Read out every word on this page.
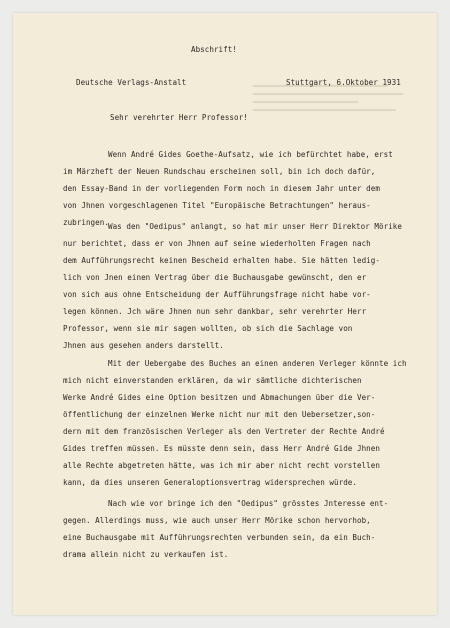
Abschrift!
Deutsche Verlags-Anstalt	Stuttgart, 6.Oktober 1931
Sehr verehrter Herr Professor!
Wenn André Gides Goethe-Aufsatz, wie ich befürchtet habe, erst
im Märzheft der Neuen Rundschau erscheinen soll, bin ich doch dafür,
den Essay-Band in der vorliegenden Form noch in diesem Jahr unter dem
von Jhnen vorgeschlagenen Titel "Europäische Betrachtungen" heraus-
zubringen. Was den "Oedipus" anlangt, so hat mir unser Herr Direktor Mörike
nur berichtet, dass er von Jhnen auf seine wiederholten Fragen nach
dem Aufführungsrecht keinen Bescheid erhalten habe. Sie hätten ledig-
lich von Jnen einen Vertrag über die Buchausgabe gewünscht, den er
von sich aus ohne Entscheidung der Aufführungsfrage nicht habe vor-
legen können. Jch wäre Jhnen nun sehr dankbar, sehr verehrter Herr
Professor, wenn sie mir sagen wollten, ob sich die Sachlage von
Jhnen aus gesehen anders darstellt.
Mit der Uebergabe des Buches an einen anderen Verleger könnte ich
mich nicht einverstanden erklären, da wir sämtliche dichterischen
Werke André Gides eine Option besitzen und Abmachungen über die Ver-
öffentlichung der einzelnen Werke nicht nur mit den Uebersetzer,son-
dern mit dem französischen Verleger als den Vertreter der Rechte André
Gides treffen müssen. Es müsste denn sein, dass Herr André Gide Jhnen
alle Rechte abgetreten hätte, was ich mir aber nicht recht vorstellen
kann, da dies unseren Generaloptionsvertrag widersprechen würde.
Nach wie vor bringe ich den "Oedipus" grösstes Jnteresse ent-
gegen. Allerdings muss, wie auch unser Herr Mörike schon hervorhob,
eine Buchausgabe mit Aufführungsrechten verbunden sein, da ein Buch-
drama allein nicht zu verkaufen ist.
